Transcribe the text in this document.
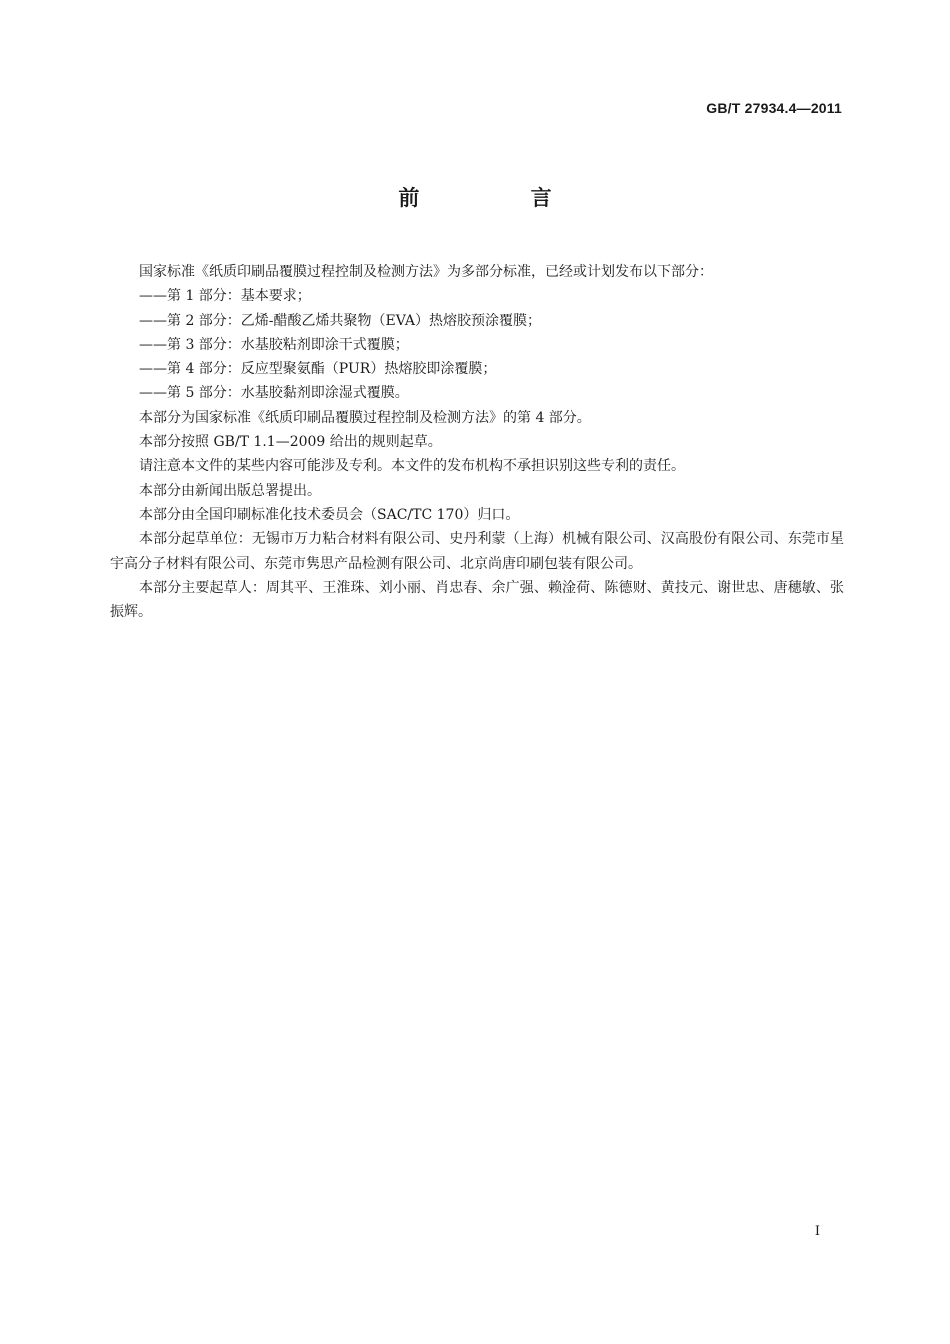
GB/T 27934.4—2011
前 言

国家标准《纸质印刷品覆膜过程控制及检测方法》为多部分标准，已经或计划发布以下部分：

——第 1 部分：基本要求；

——第 2 部分：乙烯-醋酸乙烯共聚物（EVA）热熔胶预涂覆膜；

——第 3 部分：水基胶粘剂即涂干式覆膜；

——第 4 部分：反应型聚氨酯（PUR）热熔胶即涂覆膜；

——第 5 部分：水基胶黏剂即涂湿式覆膜。

本部分为国家标准《纸质印刷品覆膜过程控制及检测方法》的第 4 部分。

本部分按照 GB/T 1.1—2009 给出的规则起草。

请注意本文件的某些内容可能涉及专利。本文件的发布机构不承担识别这些专利的责任。

本部分由新闻出版总署提出。

本部分由全国印刷标准化技术委员会（SAC/TC 170）归口。

本部分起草单位：无锡市万力粘合材料有限公司、史丹利蒙（上海）机械有限公司、汉高股份有限公司、东莞市星宇高分子材料有限公司、东莞市隽思产品检测有限公司、北京尚唐印刷包装有限公司。

本部分主要起草人：周其平、王淮珠、刘小丽、肖忠春、余广强、赖淦荷、陈德财、黄技元、谢世忠、唐穗敏、张振辉。

I
